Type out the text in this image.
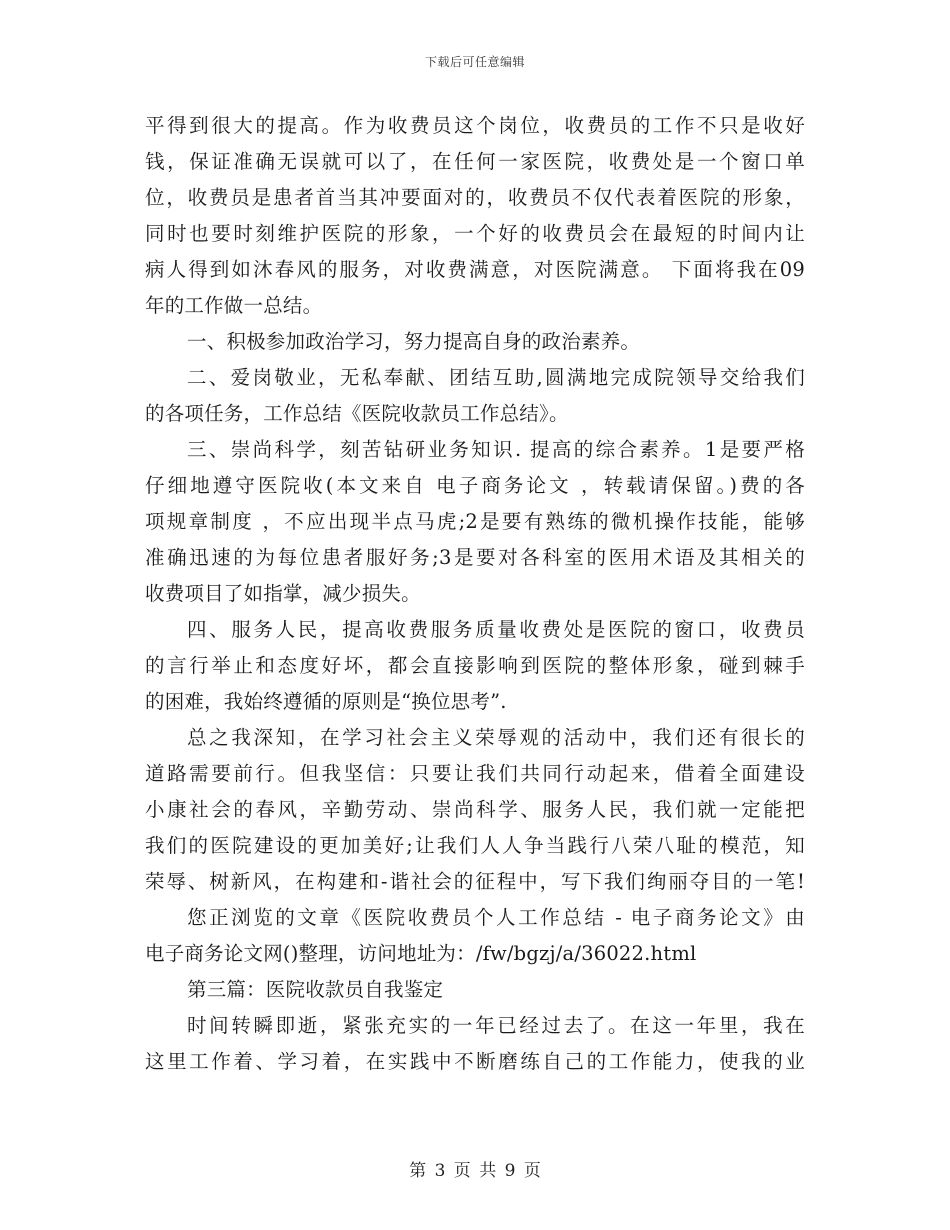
下载后可任意编辑
平得到很大的提高。作为收费员这个岗位，收费员的工作不只是收好
钱，保证准确无误就可以了，在任何一家医院，收费处是一个窗口单
位，收费员是患者首当其冲要面对的，收费员不仅代表着医院的形象，
同时也要时刻维护医院的形象，一个好的收费员会在最短的时间内让
病人得到如沐春风的服务，对收费满意，对医院满意。 下面将我在09
年的工作做一总结。
一、积极参加政治学习，努力提高自身的政治素养。
二、爱岗敬业，无私奉献、团结互助,圆满地完成院领导交给我们
的各项任务，工作总结《医院收款员工作总结》。
三、崇尚科学，刻苦钻研业务知识. 提高的综合素养。1是要严格
仔细地遵守医院收(本文来自 电子商务论文 ，转载请保留。)费的各
项规章制度 ，不应出现半点马虎;2是要有熟练的微机操作技能，能够
准确迅速的为每位患者服好务;3是要对各科室的医用术语及其相关的
收费项目了如指掌，减少损失。
四、服务人民，提高收费服务质量收费处是医院的窗口，收费员
的言行举止和态度好坏，都会直接影响到医院的整体形象，碰到棘手
的困难，我始终遵循的原则是“换位思考”.
总之我深知，在学习社会主义荣辱观的活动中，我们还有很长的
道路需要前行。但我坚信：只要让我们共同行动起来，借着全面建设
小康社会的春风，辛勤劳动、崇尚科学、服务人民，我们就一定能把
我们的医院建设的更加美好;让我们人人争当践行八荣八耻的模范，知
荣辱、树新风，在构建和-谐社会的征程中，写下我们绚丽夺目的一笔!
您正浏览的文章《医院收费员个人工作总结 - 电子商务论文》由
电子商务论文网()整理，访问地址为：/fw/bgzj/a/36022.html
第三篇：医院收款员自我鉴定
时间转瞬即逝，紧张充实的一年已经过去了。在这一年里，我在
这里工作着、学习着，在实践中不断磨练自己的工作能力，使我的业
第 3 页 共 9 页
